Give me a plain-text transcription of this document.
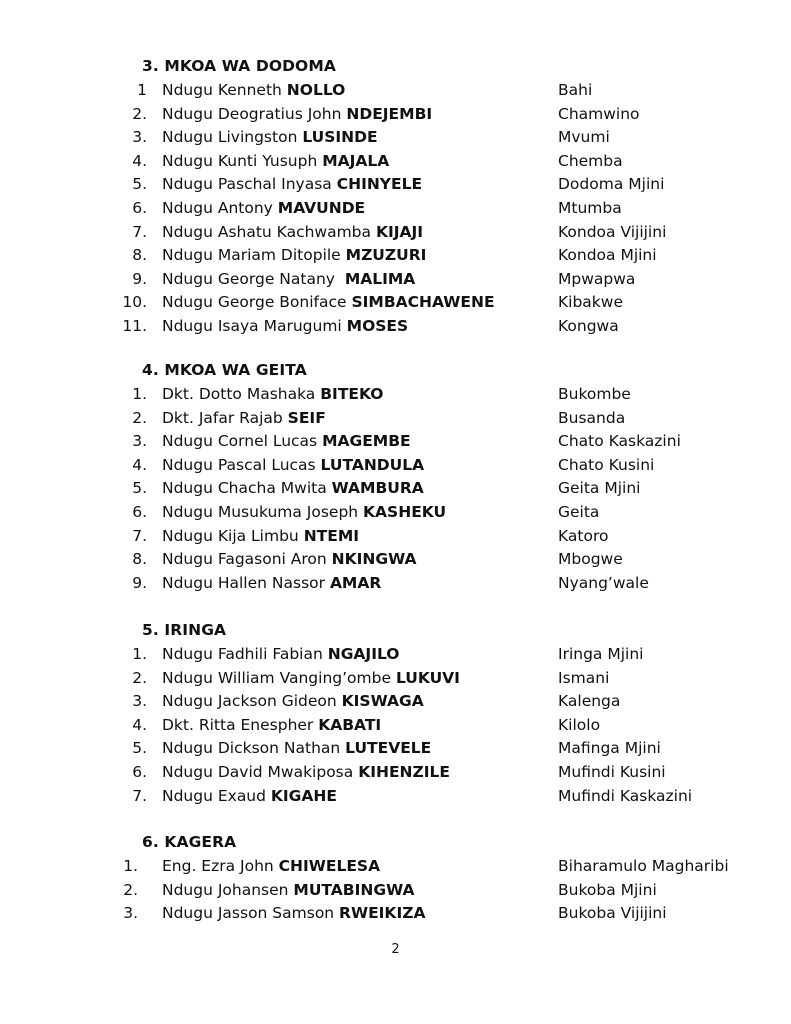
3. MKOA WA DODOMA
1 Ndugu Kenneth NOLLO	Bahi
2. Ndugu Deogratius John NDEJEMBI	Chamwino
3. Ndugu Livingston LUSINDE	Mvumi
4. Ndugu Kunti Yusuph MAJALA	Chemba
5. Ndugu Paschal Inyasa CHINYELE	Dodoma Mjini
6. Ndugu Antony MAVUNDE	Mtumba
7. Ndugu Ashatu Kachwamba KIJAJI	Kondoa Vijijini
8. Ndugu Mariam Ditopile MZUZURI	Kondoa Mjini
9. Ndugu George Natany  MALIMA	Mpwapwa
10. Ndugu George Boniface SIMBACHAWENE	Kibakwe
11. Ndugu Isaya Marugumi MOSES	Kongwa
4. MKOA WA GEITA
1. Dkt. Dotto Mashaka BITEKO	Bukombe
2. Dkt. Jafar Rajab SEIF	Busanda
3. Ndugu Cornel Lucas MAGEMBE	Chato Kaskazini
4. Ndugu Pascal Lucas LUTANDULA	Chato Kusini
5. Ndugu Chacha Mwita WAMBURA	Geita Mjini
6. Ndugu Musukuma Joseph KASHEKU	Geita
7. Ndugu Kija Limbu NTEMI	Katoro
8. Ndugu Fagasoni Aron NKINGWA	Mbogwe
9. Ndugu Hallen Nassor AMAR	Nyang’wale
5. IRINGA
1. Ndugu Fadhili Fabian NGAJILO	Iringa Mjini
2. Ndugu William Vanging’ombe LUKUVI	Ismani
3. Ndugu Jackson Gideon KISWAGA	Kalenga
4. Dkt. Ritta Enespher KABATI	Kilolo
5. Ndugu Dickson Nathan LUTEVELE	Mafinga Mjini
6. Ndugu David Mwakiposa KIHENZILE	Mufindi Kusini
7. Ndugu Exaud KIGAHE	Mufindi Kaskazini
6. KAGERA
1. Eng. Ezra John CHIWELESA	Biharamulo Magharibi
2. Ndugu Johansen MUTABINGWA	Bukoba Mjini
3. Ndugu Jasson Samson RWEIKIZA	Bukoba Vijijini
2
